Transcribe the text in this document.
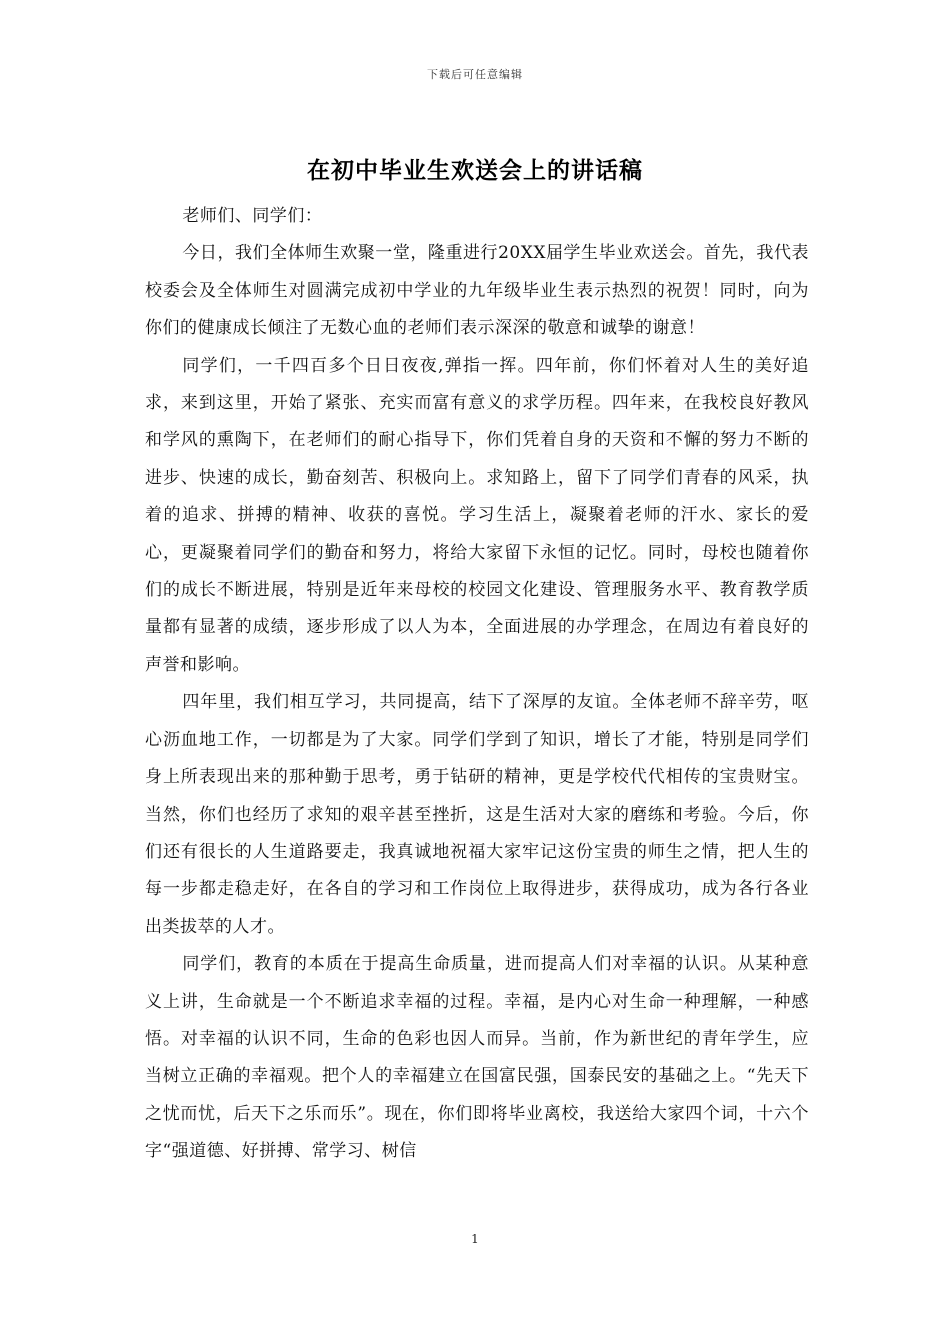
下载后可任意编辑
在初中毕业生欢送会上的讲话稿

老师们、同学们：

今日，我们全体师生欢聚一堂，隆重进行20XX届学生毕业欢送会。首先，我代表校委会及全体师生对圆满完成初中学业的九年级毕业生表示热烈的祝贺！同时，向为你们的健康成长倾注了无数心血的老师们表示深深的敬意和诚挚的谢意！

同学们，一千四百多个日日夜夜,弹指一挥。四年前，你们怀着对人生的美好追求，来到这里，开始了紧张、充实而富有意义的求学历程。四年来，在我校良好教风和学风的熏陶下，在老师们的耐心指导下，你们凭着自身的天资和不懈的努力不断的进步、快速的成长，勤奋刻苦、积极向上。求知路上，留下了同学们青春的风采，执着的追求、拼搏的精神、收获的喜悦。学习生活上，凝聚着老师的汗水、家长的爱心，更凝聚着同学们的勤奋和努力，将给大家留下永恒的记忆。同时，母校也随着你们的成长不断进展，特别是近年来母校的校园文化建设、管理服务水平、教育教学质量都有显著的成绩，逐步形成了以人为本，全面进展的办学理念，在周边有着良好的声誉和影响。

四年里，我们相互学习，共同提高，结下了深厚的友谊。全体老师不辞辛劳，呕心沥血地工作，一切都是为了大家。同学们学到了知识，增长了才能，特别是同学们身上所表现出来的那种勤于思考，勇于钻研的精神，更是学校代代相传的宝贵财宝。当然，你们也经历了求知的艰辛甚至挫折，这是生活对大家的磨练和考验。今后，你们还有很长的人生道路要走，我真诚地祝福大家牢记这份宝贵的师生之情，把人生的每一步都走稳走好，在各自的学习和工作岗位上取得进步，获得成功，成为各行各业出类拔萃的人才。

同学们，教育的本质在于提高生命质量，进而提高人们对幸福的认识。从某种意义上讲，生命就是一个不断追求幸福的过程。幸福，是内心对生命一种理解，一种感悟。对幸福的认识不同，生命的色彩也因人而异。当前，作为新世纪的青年学生，应当树立正确的幸福观。把个人的幸福建立在国富民强，国泰民安的基础之上。“先天下之忧而忧，后天下之乐而乐”。现在，你们即将毕业离校，我送给大家四个词，十六个字“强道德、好拼搏、常学习、树信

1
